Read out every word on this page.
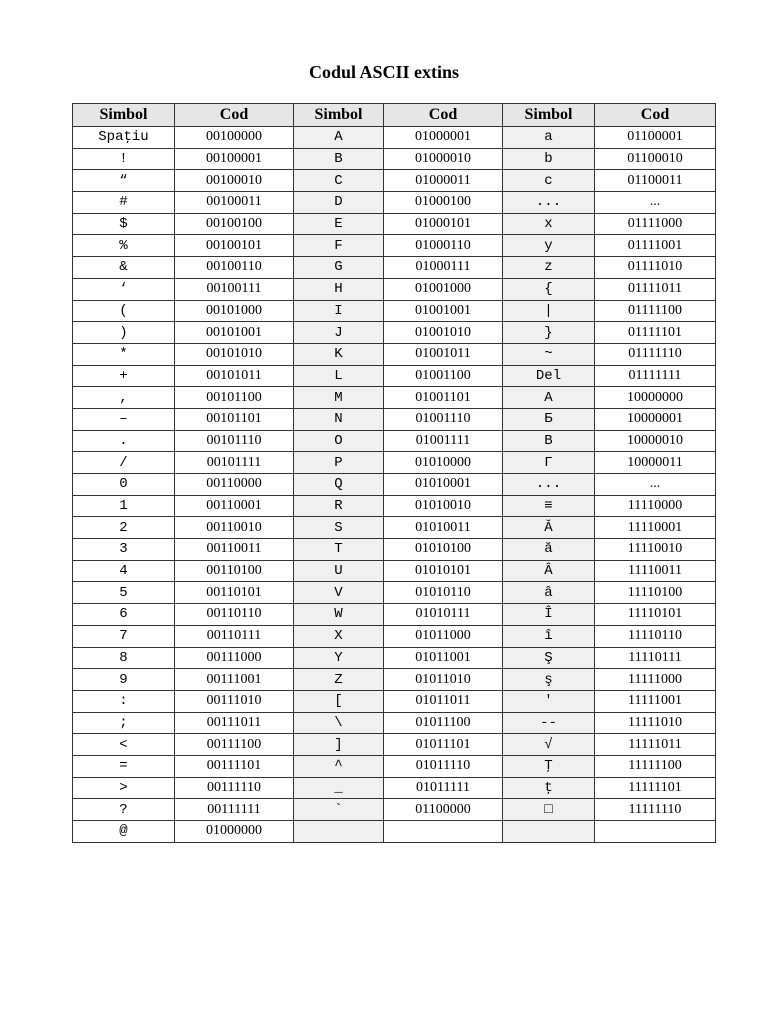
Codul ASCII extins
Simbol	Cod	Simbol	Cod	Simbol	Cod
Spaţiu	00100000	A	01000001	a	01100001
!	00100001	B	01000010	b	01100010
“	00100010	C	01000011	c	01100011
#	00100011	D	01000100	...	...
$	00100100	E	01000101	x	01111000
%	00100101	F	01000110	y	01111001
&	00100110	G	01000111	z	01111010
‘	00100111	H	01001000	{	01111011
(	00101000	I	01001001	|	01111100
)	00101001	J	01001010	}	01111101
*	00101010	K	01001011	~	01111110
+	00101011	L	01001100	Del	01111111
,	00101100	M	01001101	А	10000000
–	00101101	N	01001110	Б	10000001
.	00101110	O	01001111	В	10000010
/	00101111	P	01010000	Г	10000011
0	00110000	Q	01010001	...	...
1	00110001	R	01010010	≡	11110000
2	00110010	S	01010011	Ă	11110001
3	00110011	T	01010100	ă	11110010
4	00110100	U	01010101	Â	11110011
5	00110101	V	01010110	â	11110100
6	00110110	W	01010111	Î	11110101
7	00110111	X	01011000	î	11110110
8	00111000	Y	01011001	Ş	11110111
9	00111001	Z	01011010	ş	11111000
:	00111010	[	01011011	′	11111001
;	00111011	\	01011100	--	11111010
<	00111100	]	01011101	√	11111011
=	00111101	^	01011110	Ţ	11111100
>	00111110	_	01011111	ţ	11111101
?	00111111	`	01100000	□	11111110
@	01000000				
